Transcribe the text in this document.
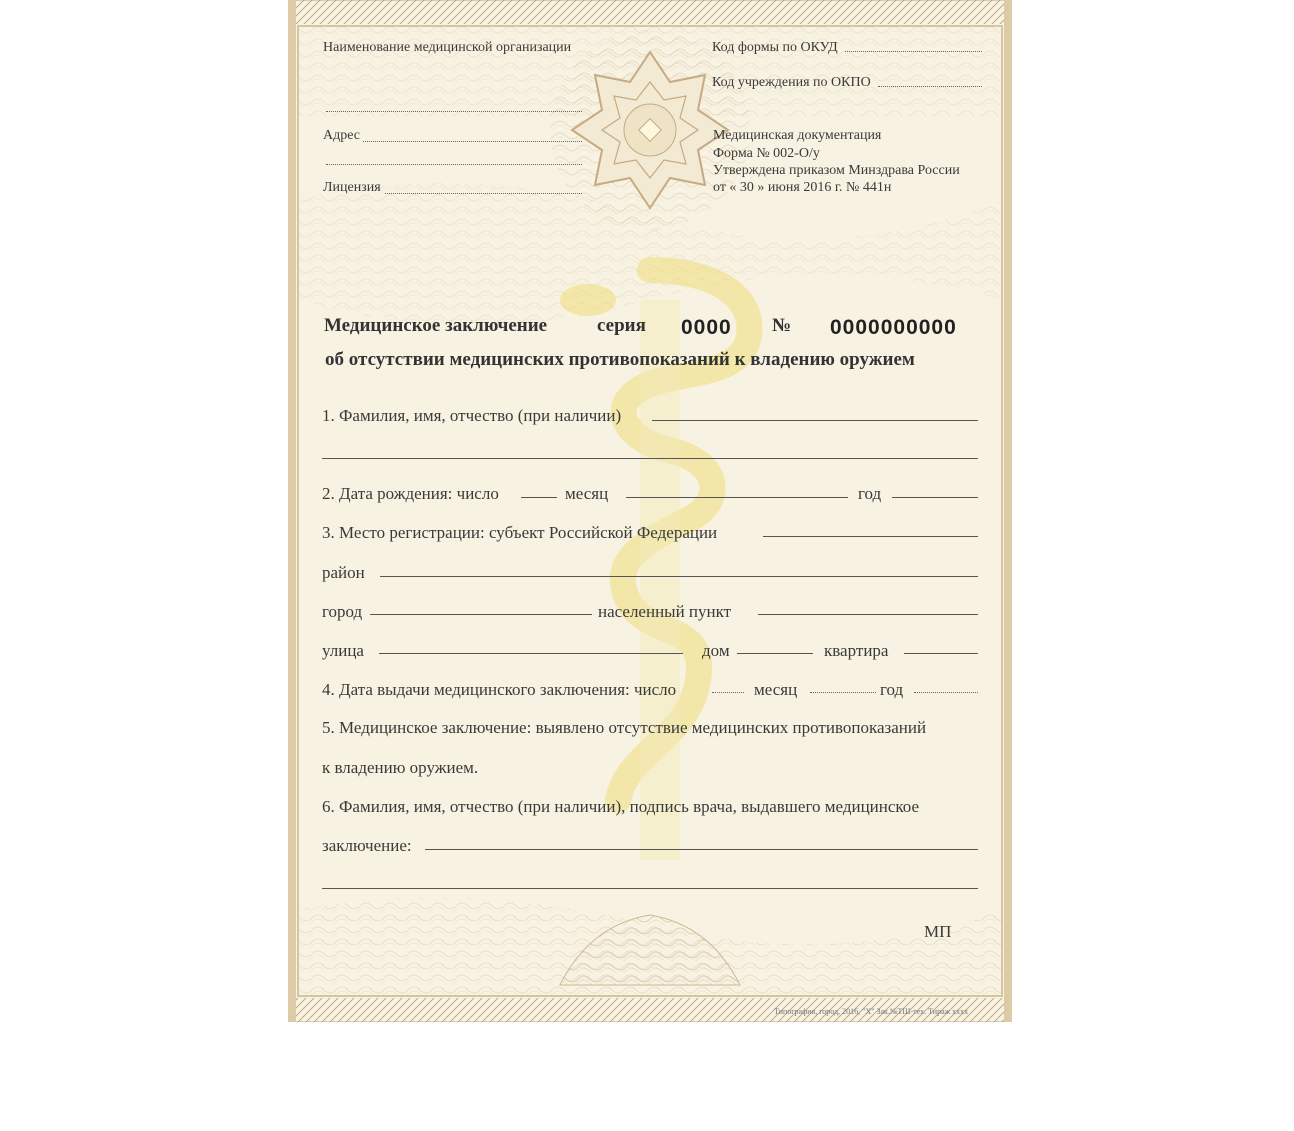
Наименование медицинской организации
Адрес
Лицензия
Код формы по ОКУД
Код учреждения по ОКПО
Медицинская документация
Форма № 002-О/у
Утверждена приказом Минздрава России
от « 30 » июня 2016 г. № 441н
Медицинское заключение	серия 0000 № 0000000000
об отсутствии медицинских противопоказаний к владению оружием
1. Фамилия, имя, отчество (при наличии)
2. Дата рождения: число	месяц	год
3. Место регистрации: субъект Российской Федерации
район
город	населенный пункт
улица	дом	квартира
4. Дата выдачи медицинского заключения: число	месяц	год
5. Медицинское заключение: выявлено отсутствие медицинских противопоказаний
к владению оружием.
6. Фамилия, имя, отчество (при наличии), подпись врача, выдавшего медицинское
заключение:
МП
Типография, город, 2016, "Х" Зак.№ТШ-тех. Тираж хххх
